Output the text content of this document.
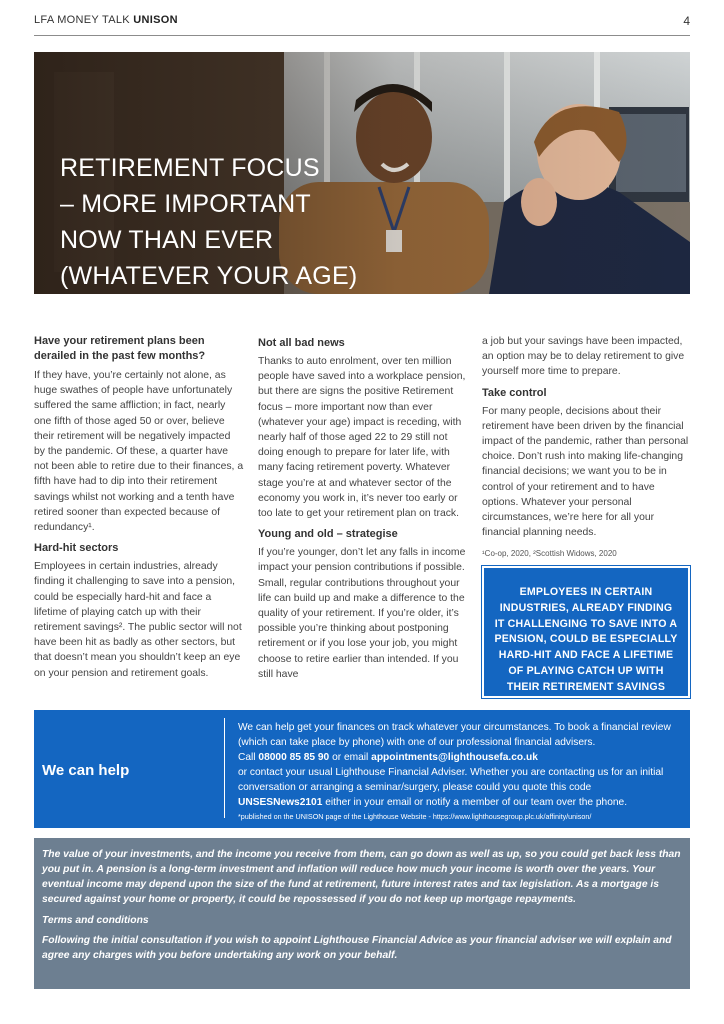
LFA MONEY TALK UNISON	4
RETIREMENT FOCUS
– MORE IMPORTANT
NOW THAN EVER
(WHATEVER YOUR AGE)
Have your retirement plans been derailed in the past few months?

If they have, you’re certainly not alone, as huge swathes of people have unfortunately suffered the same affliction; in fact, nearly one fifth of those aged 50 or over, believe their retirement will be negatively impacted by the pandemic. Of these, a quarter have not been able to retire due to their finances, a fifth have had to dip into their retirement savings whilst not working and a tenth have retired sooner than expected because of redundancy¹.

Hard-hit sectors

Employees in certain industries, already finding it challenging to save into a pension, could be especially hard-hit and face a lifetime of playing catch up with their retirement savings². The public sector will not have been hit as badly as other sectors, but that doesn’t mean you shouldn’t keep an eye on your pension and retirement goals.

Not all bad news

Thanks to auto enrolment, over ten million people have saved into a workplace pension, but there are signs the positive Retirement focus – more important now than ever (whatever your age) impact is receding, with nearly half of those aged 22 to 29 still not doing enough to prepare for later life, with many facing retirement poverty. Whatever stage you’re at and whatever sector of the economy you work in, it’s never too early or too late to get your retirement plan on track.

Young and old – strategise

If you’re younger, don’t let any falls in income impact your pension contributions if possible. Small, regular contributions throughout your life can build up and make a difference to the quality of your retirement. If you’re older, it’s possible you’re thinking about postponing retirement or if you lose your job, you might choose to retire earlier than intended. If you still have

a job but your savings have been impacted, an option may be to delay retirement to give yourself more time to prepare.

Take control

For many people, decisions about their retirement have been driven by the financial impact of the pandemic, rather than personal choice. Don’t rush into making life-changing financial decisions; we want you to be in control of your retirement and to have options. Whatever your personal circumstances, we’re here for all your financial planning needs.

¹Co-op, 2020, ²Scottish Widows, 2020
EMPLOYEES IN CERTAIN INDUSTRIES, ALREADY FINDING IT CHALLENGING TO SAVE INTO A PENSION, COULD BE ESPECIALLY HARD-HIT AND FACE A LIFETIME OF PLAYING CATCH UP WITH THEIR RETIREMENT SAVINGS
We can help
We can help get your finances on track whatever your circumstances. To book a financial review (which can take place by phone) with one of our professional financial advisers.
Call 08000 85 85 90 or email appointments@lighthousefa.co.uk
or contact your usual Lighthouse Financial Adviser. Whether you are contacting us for an initial conversation or arranging a seminar/surgery, please could you quote this code
UNSESNews2101 either in your email or notify a member of our team over the phone.
*published on the UNISON page of the Lighthouse Website - https://www.lighthousegroup.plc.uk/affinity/unison/

The value of your investments, and the income you receive from them, can go down as well as up, so you could get back less than you put in. A pension is a long-term investment and inflation will reduce how much your income is worth over the years. Your eventual income may depend upon the size of the fund at retirement, future interest rates and tax legislation. As a mortgage is secured against your home or property, it could be repossessed if you do not keep up mortgage repayments.

Terms and conditions

Following the initial consultation if you wish to appoint Lighthouse Financial Advice as your financial adviser we will explain and agree any charges with you before undertaking any work on your behalf.
